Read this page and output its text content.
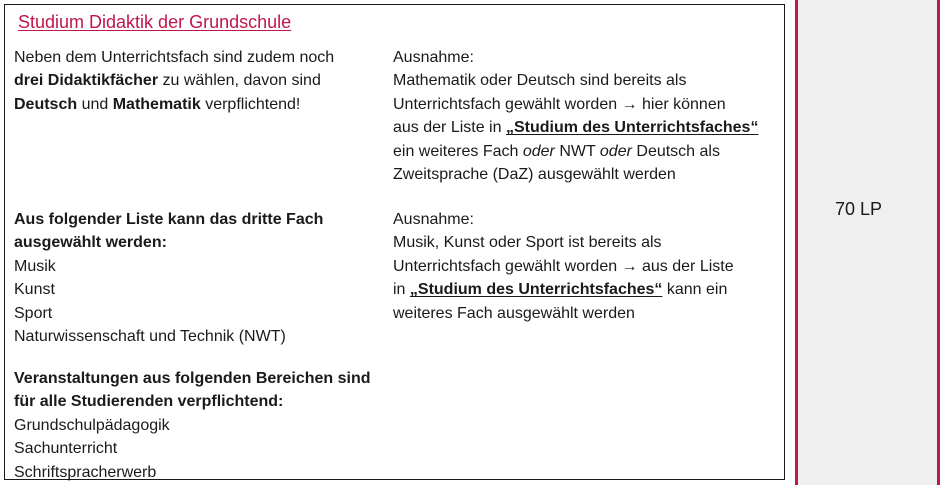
Studium Didaktik der Grundschule

Neben dem Unterrichtsfach sind zudem noch
drei Didaktikfächer zu wählen, davon sind
Deutsch und Mathematik verpflichtend!

Aus folgender Liste kann das dritte Fach
ausgewählt werden:
Musik
Kunst
Sport
Naturwissenschaft und Technik (NWT)

Veranstaltungen aus folgenden Bereichen sind
für alle Studierenden verpflichtend:
Grundschulpädagogik
Sachunterricht
Schriftspracherwerb

Ausnahme:
Mathematik oder Deutsch sind bereits als
Unterrichtsfach gewählt worden → hier können
aus der Liste in „Studium des Unterrichtsfaches“
ein weiteres Fach oder NWT oder Deutsch als
Zweitsprache (DaZ) ausgewählt werden

Ausnahme:
Musik, Kunst oder Sport ist bereits als
Unterrichtsfach gewählt worden → aus der Liste
in „Studium des Unterrichtsfaches“ kann ein
weiteres Fach ausgewählt werden

70 LP
